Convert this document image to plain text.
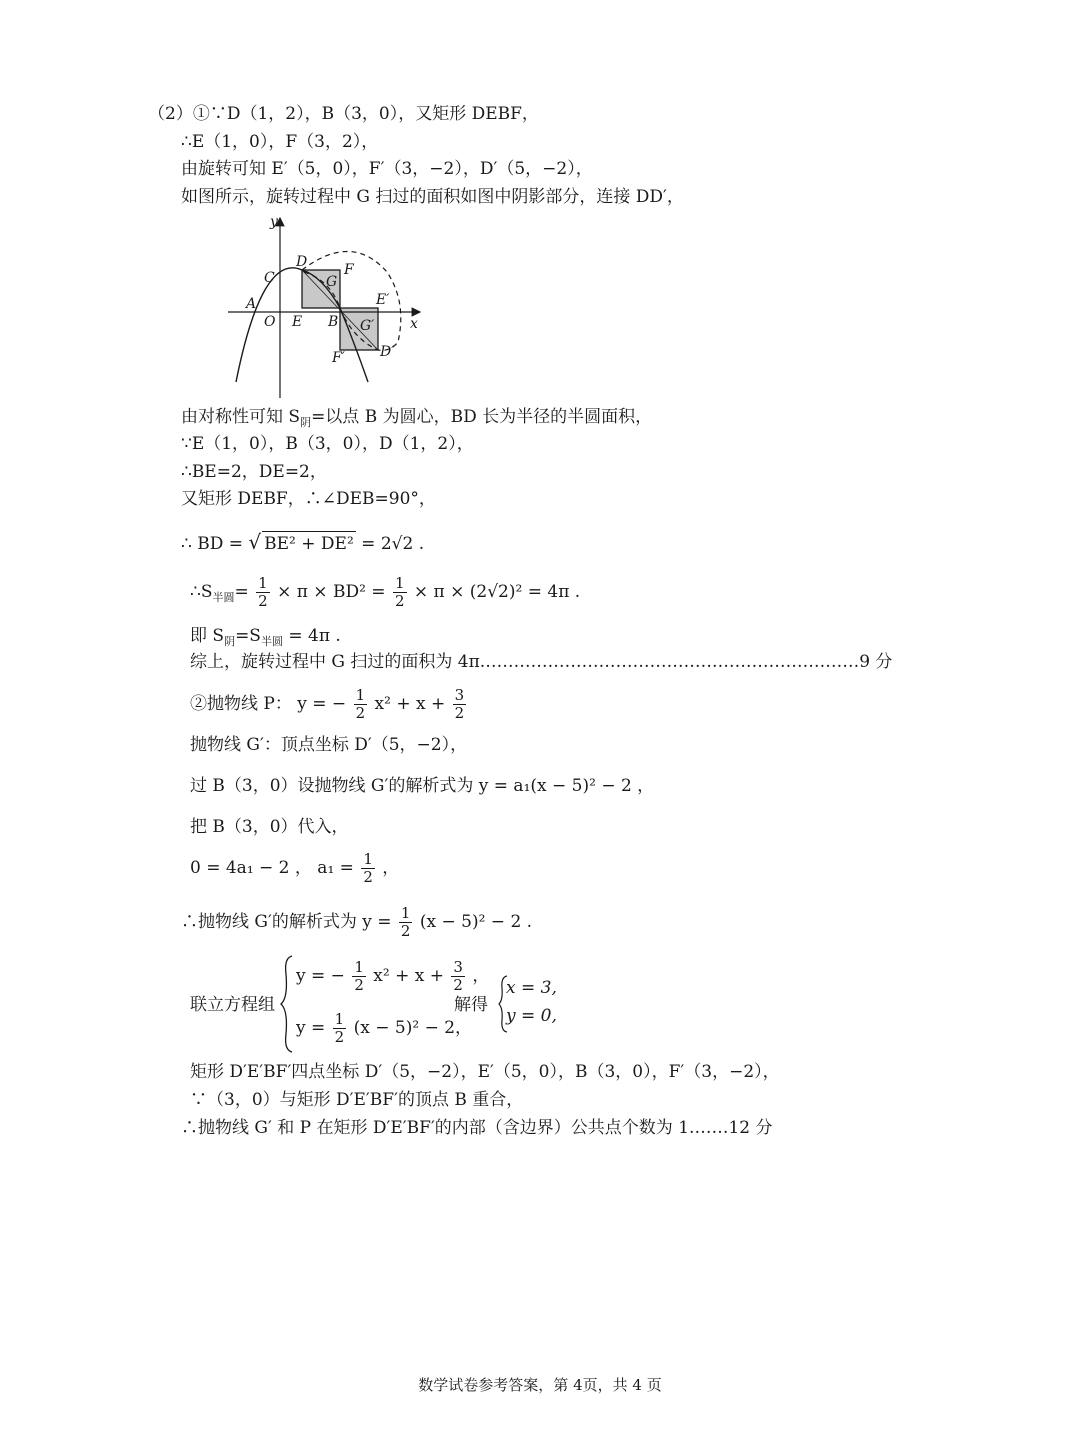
（2）①∵D（1，2），B（3，0），又矩形 DEBF，
∴E（1，0），F（3，2），
由旋转可知 E′（5，0），F′（3，−2），D′（5，−2），
如图所示，旋转过程中 G 扫过的面积如图中阴影部分，连接 DD′，
y
x
O
A
C
D	F
G
E B
E′
G′
F′	D′
由对称性可知 $S_阴=$以点 B 为圆心，BD 长为半径的半圆面积，
∵E（1，0），B（3，0），D（1，2），
∴BE=2，DE=2，
又矩形 DEBF，∴∠DEB=90°，
∴ BD = √ BE² + DE² = 2√2 .
$\therefore S_{半圆}= \frac{1}{2} \times \pi \times BD^2 = \frac{1}{2} \times \pi \times (2√2)^2 = 4\pi$ .
即 $S_阴=S_{半圆} = 4\pi$ .
综上，旋转过程中 G 扫过的面积为 4π.…………………………………………………………9 分
②抛物线 P： y = − $\frac{1}{2} x^2 + x + \frac{3}{2}$
抛物线 G′：顶点坐标 D′（5，−2），
过 B（3，0）设抛物线 G′的解析式为 y = a₁(x − 5)² − 2 ，
把 B（3，0）代入，
0 = 4a₁ − 2 ， $a_1 = \frac{1}{2}$ ，
∴抛物线 G′的解析式为 $y = \frac{1}{2} (x - 5)^2 - 2$ .
联立方程组
y = − $\frac{1}{2} x^2 + x + \frac{3}{2}$ ，
$y = \frac{1}{2} (x - 5)^2 - 2$，
解得
x = 3,
y = 0,
矩形 D′E′BF′四点坐标 D′（5，−2），E′（5，0），B（3，0），F′（3，−2），
∵（3，0）与矩形 D′E′BF′的顶点 B 重合，
∴抛物线 G′ 和 P 在矩形 D′E′BF′的内部（含边界）公共点个数为 1.……12 分
数学试卷参考答案，第 4页，共 4 页
